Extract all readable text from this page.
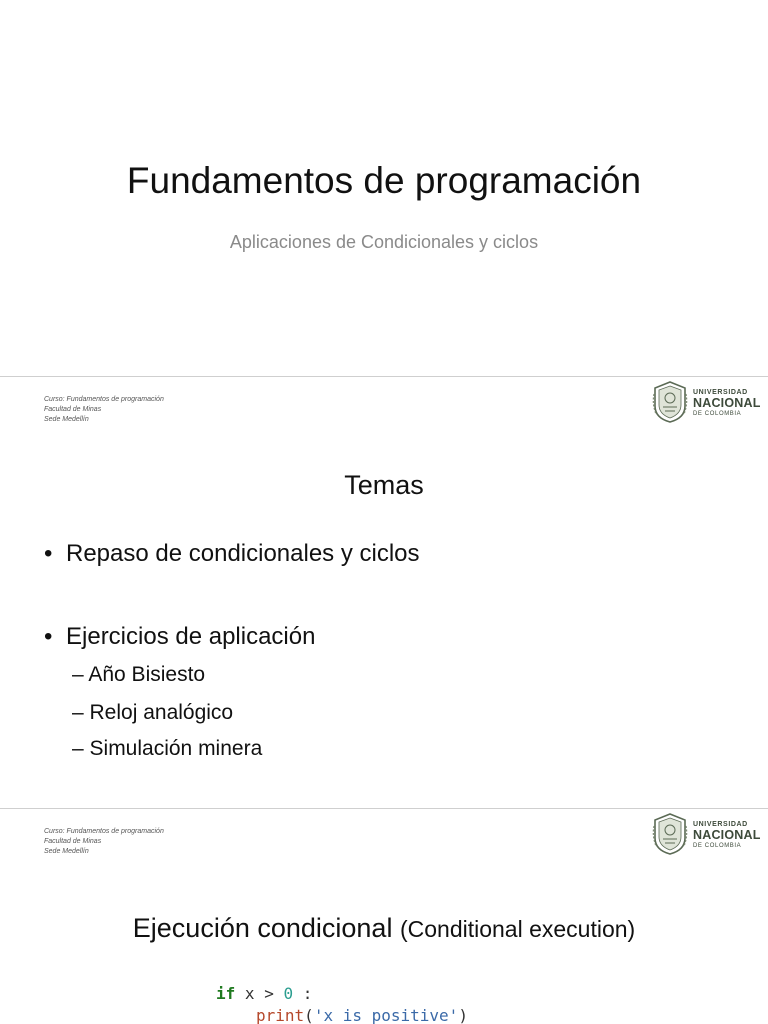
Fundamentos de programación
Aplicaciones de Condicionales y ciclos
Curso: Fundamentos de programación
Facultad de Minas
Sede Medellín
UNIVERSIDAD
NACIONAL
DE COLOMBIA
Temas
• Repaso de condicionales y ciclos
• Ejercicios de aplicación
– Año Bisiesto
– Reloj analógico
– Simulación minera
Curso: Fundamentos de programación
Facultad de Minas
Sede Medellín
UNIVERSIDAD
NACIONAL
DE COLOMBIA
Ejecución condicional (Conditional execution)
if x > 0 :
print('x is positive')
